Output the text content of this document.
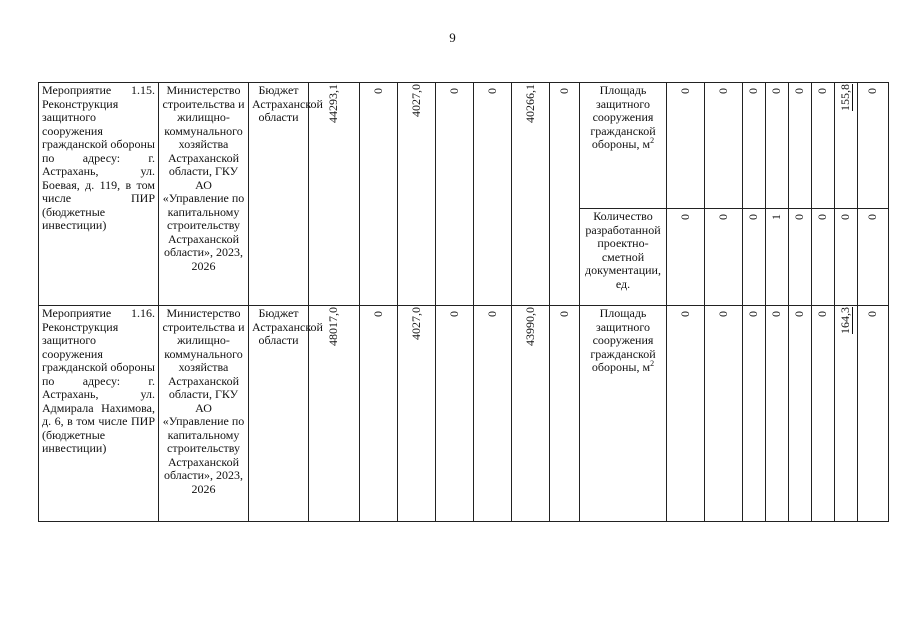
9
Мероприятие 1.15. Реконструкция защитного сооружения гражданской обороны по адресу: г. Астрахань, ул. Боевая, д. 119, в том числе ПИР (бюджетные инвестиции)	Министерство строительства и жилищно-коммунального хозяйства Астраханской области, ГКУ АО «Управление по капитальному строительству Астраханской области», 2023, 2026	Бюджет Астраханской области	44293,1	0	4027,0	0	0	40266,1	0	Площадь защитного сооружения гражданской обороны, $м^2$	0	0	0	0	0	0	155,8	0
										Количество разработанной проектно-сметной документации, ед.	0	0	0	1	0	0	0	0
Мероприятие 1.16. Реконструкция защитного сооружения гражданской обороны по адресу: г. Астрахань, ул. Адмирала Нахимова, д. 6, в том числе ПИР (бюджетные инвестиции)	Министерство строительства и жилищно-коммунального хозяйства Астраханской области, ГКУ АО «Управление по капитальному строительству Астраханской области», 2023, 2026	Бюджет Астраханской области	48017,0	0	4027,0	0	0	43990,0	0	Площадь защитного сооружения гражданской обороны, $м^2$	0	0	0	0	0	0	164,3	0
